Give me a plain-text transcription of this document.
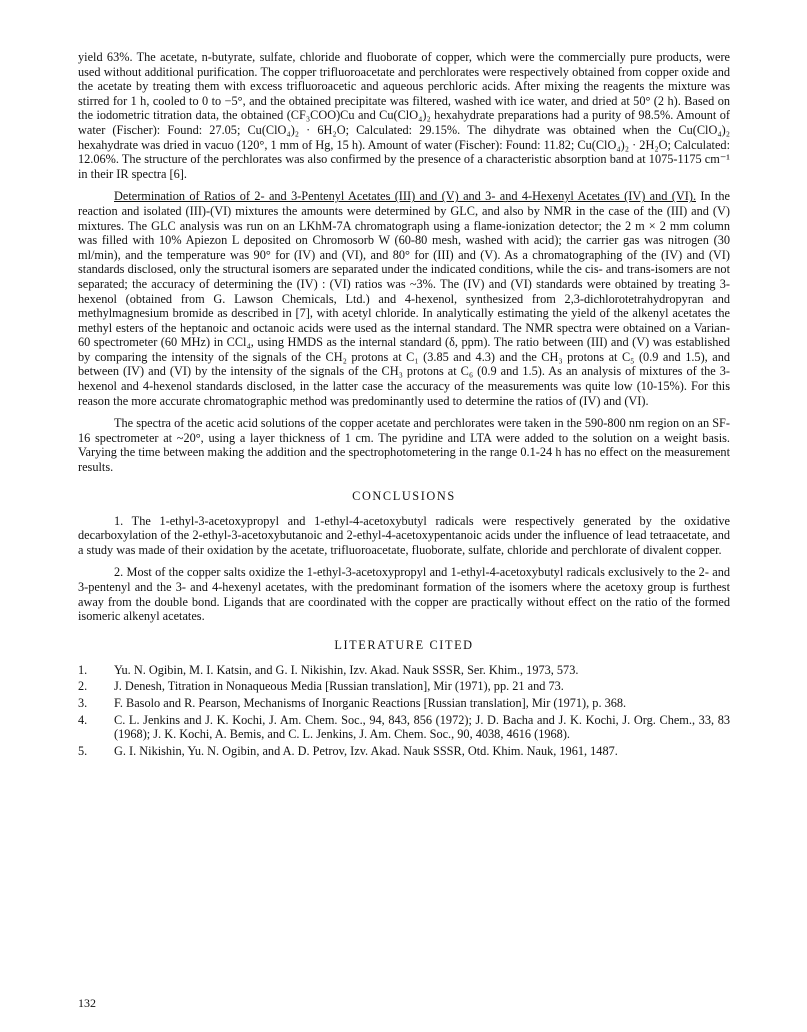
yield 63%. The acetate, n-butyrate, sulfate, chloride and fluoborate of copper, which were the commercially pure products, were used without additional purification. The copper trifluoroacetate and perchlorates were respectively obtained from copper oxide and the acetate by treating them with excess trifluoroacetic and aqueous perchloric acids. After mixing the reagents the mixture was stirred for 1 h, cooled to 0 to −5°, and the obtained precipitate was filtered, washed with ice water, and dried at 50° (2 h). Based on the iodometric titration data, the obtained (CF₃COO)Cu and Cu(ClO₄)₂ hexahydrate preparations had a purity of 98.5%. Amount of water (Fischer): Found: 27.05; Cu(ClO₄)₂ · 6H₂O; Calculated: 29.15%. The dihydrate was obtained when the Cu(ClO₄)₂ hexahydrate was dried in vacuo (120°, 1 mm of Hg, 15 h). Amount of water (Fischer): Found: 11.82; Cu(ClO₄)₂ · 2H₂O; Calculated: 12.06%. The structure of the perchlorates was also confirmed by the presence of a characteristic absorption band at 1075-1175 cm⁻¹ in their IR spectra [6].

Determination of Ratios of 2- and 3-Pentenyl Acetates (III) and (V) and 3- and 4-Hexenyl Acetates (IV) and (VI). In the reaction and isolated (III)-(VI) mixtures the amounts were determined by GLC, and also by NMR in the case of the (III) and (V) mixtures. The GLC analysis was run on an LKhM-7A chromatograph using a flame-ionization detector; the 2 m × 2 mm column was filled with 10% Apiezon L deposited on Chromosorb W (60-80 mesh, washed with acid); the carrier gas was nitrogen (30 ml/min), and the temperature was 90° for (IV) and (VI), and 80° for (III) and (V). As a chromatographing of the (IV) and (VI) standards disclosed, only the structural isomers are separated under the indicated conditions, while the cis- and trans-isomers are not separated; the accuracy of determining the (IV) : (VI) ratios was ~3%. The (IV) and (VI) standards were obtained by treating 3-hexenol (obtained from G. Lawson Chemicals, Ltd.) and 4-hexenol, synthesized from 2,3-dichlorotetrahydropyran and methylmagnesium bromide as described in [7], with acetyl chloride. In analytically estimating the yield of the alkenyl acetates the methyl esters of the heptanoic and octanoic acids were used as the internal standard. The NMR spectra were obtained on a Varian-60 spectrometer (60 MHz) in CCl₄, using HMDS as the internal standard (δ, ppm). The ratio between (III) and (V) was established by comparing the intensity of the signals of the CH₂ protons at C₁ (3.85 and 4.3) and the CH₃ protons at C₅ (0.9 and 1.5), and between (IV) and (VI) by the intensity of the signals of the CH₃ protons at C₆ (0.9 and 1.5). As an analysis of mixtures of the 3-hexenol and 4-hexenol standards disclosed, in the latter case the accuracy of the measurements was quite low (10-15%). For this reason the more accurate chromatographic method was predominantly used to determine the ratios of (IV) and (VI).

The spectra of the acetic acid solutions of the copper acetate and perchlorates were taken in the 590-800 nm region on an SF-16 spectrometer at ~20°, using a layer thickness of 1 cm. The pyridine and LTA were added to the solution on a weight basis. Varying the time between making the addition and the spectrophotometering in the range 0.1-24 h has no effect on the measurement results.

CONCLUSIONS

1. The 1-ethyl-3-acetoxypropyl and 1-ethyl-4-acetoxybutyl radicals were respectively generated by the oxidative decarboxylation of the 2-ethyl-3-acetoxybutanoic and 2-ethyl-4-acetoxypentanoic acids under the influence of lead tetraacetate, and a study was made of their oxidation by the acetate, trifluoroacetate, fluoborate, sulfate, chloride and perchlorate of divalent copper.

2. Most of the copper salts oxidize the 1-ethyl-3-acetoxypropyl and 1-ethyl-4-acetoxybutyl radicals exclusively to the 2- and 3-pentenyl and the 3- and 4-hexenyl acetates, with the predominant formation of the isomers where the acetoxy group is furthest away from the double bond. Ligands that are coordinated with the copper are practically without effect on the ratio of the formed isomeric alkenyl acetates.

LITERATURE CITED
1.	Yu. N. Ogibin, M. I. Katsin, and G. I. Nikishin, Izv. Akad. Nauk SSSR, Ser. Khim., 1973, 573.
2.	J. Denesh, Titration in Nonaqueous Media [Russian translation], Mir (1971), pp. 21 and 73.
3.	F. Basolo and R. Pearson, Mechanisms of Inorganic Reactions [Russian translation], Mir (1971), p. 368.
4.	C. L. Jenkins and J. K. Kochi, J. Am. Chem. Soc., 94, 843, 856 (1972); J. D. Bacha and J. K. Kochi, J. Org. Chem., 33, 83 (1968); J. K. Kochi, A. Bemis, and C. L. Jenkins, J. Am. Chem. Soc., 90, 4038, 4616 (1968).
5.	G. I. Nikishin, Yu. N. Ogibin, and A. D. Petrov, Izv. Akad. Nauk SSSR, Otd. Khim. Nauk, 1961, 1487.
132
